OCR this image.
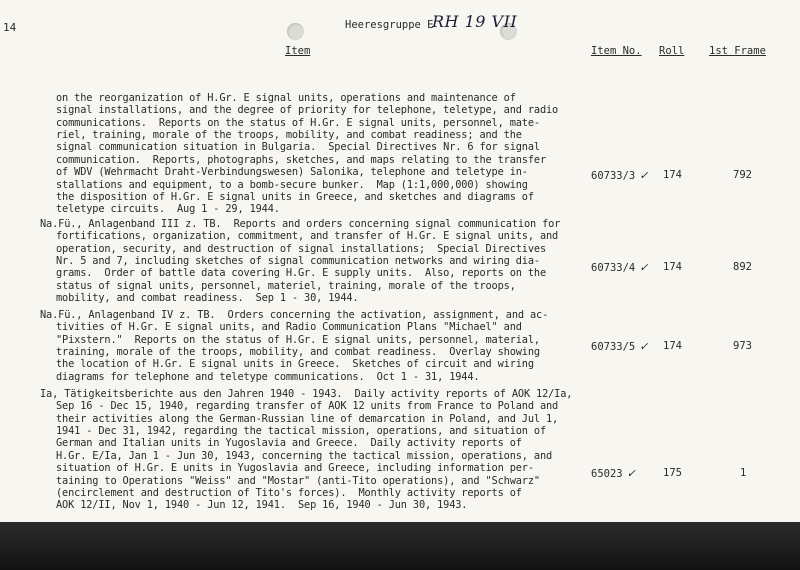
14	Heeresgruppe E
RH 19 VII
Item	Item No. Roll 1st Frame

on the reorganization of H.Gr. E signal units, operations and maintenance of
signal installations, and the degree of priority for telephone, teletype, and radio
communications.  Reports on the status of H.Gr. E signal units, personnel, mate-
riel, training, morale of the troops, mobility, and combat readiness; and the
signal communication situation in Bulgaria.  Special Directives Nr. 6 for signal
communication.  Reports, photographs, sketches, and maps relating to the transfer
of WDV (Wehrmacht Draht-Verbindungswesen) Salonika, telephone and teletype in-
stallations and equipment, to a bomb-secure bunker.  Map (1:1,000,000) showing
the disposition of H.Gr. E signal units in Greece, and sketches and diagrams of
teletype circuits.  Aug 1 - 29, 1944.

60733/3 ✓ 174	792

Na.Fü., Anlagenband III z. TB.  Reports and orders concerning signal communication for
fortifications, organization, commitment, and transfer of H.Gr. E signal units, and
operation, security, and destruction of signal installations;  Special Directives
Nr. 5 and 7, including sketches of signal communication networks and wiring dia-
grams.  Order of battle data covering H.Gr. E supply units.  Also, reports on the
status of signal units, personnel, materiel, training, morale of the troops,
mobility, and combat readiness.  Sep 1 - 30, 1944.

60733/4 ✓ 174	892

Na.Fü., Anlagenband IV z. TB.  Orders concerning the activation, assignment, and ac-
tivities of H.Gr. E signal units, and Radio Communication Plans "Michael" and
"Pixstern."  Reports on the status of H.Gr. E signal units, personnel, material,
training, morale of the troops, mobility, and combat readiness.  Overlay showing
the location of H.Gr. E signal units in Greece.  Sketches of circuit and wiring
diagrams for telephone and teletype communications.  Oct 1 - 31, 1944.

60733/5 ✓ 174	973

Ia, Tätigkeitsberichte aus den Jahren 1940 - 1943.  Daily activity reports of AOK 12/Ia,
Sep 16 - Dec 15, 1940, regarding transfer of AOK 12 units from France to Poland and
their activities along the German-Russian line of demarcation in Poland, and Jul 1,
1941 - Dec 31, 1942, regarding the tactical mission, operations, and situation of
German and Italian units in Yugoslavia and Greece.  Daily activity reports of
H.Gr. E/Ia, Jan 1 - Jun 30, 1943, concerning the tactical mission, operations, and
situation of H.Gr. E units in Yugoslavia and Greece, including information per-
taining to Operations "Weiss" and "Mostar" (anti-Tito operations), and "Schwarz"
(encirclement and destruction of Tito's forces).  Monthly activity reports of
AOK 12/II, Nov 1, 1940 - Jun 12, 1941.  Sep 16, 1940 - Jun 30, 1943.

65023 ✓	175	1
